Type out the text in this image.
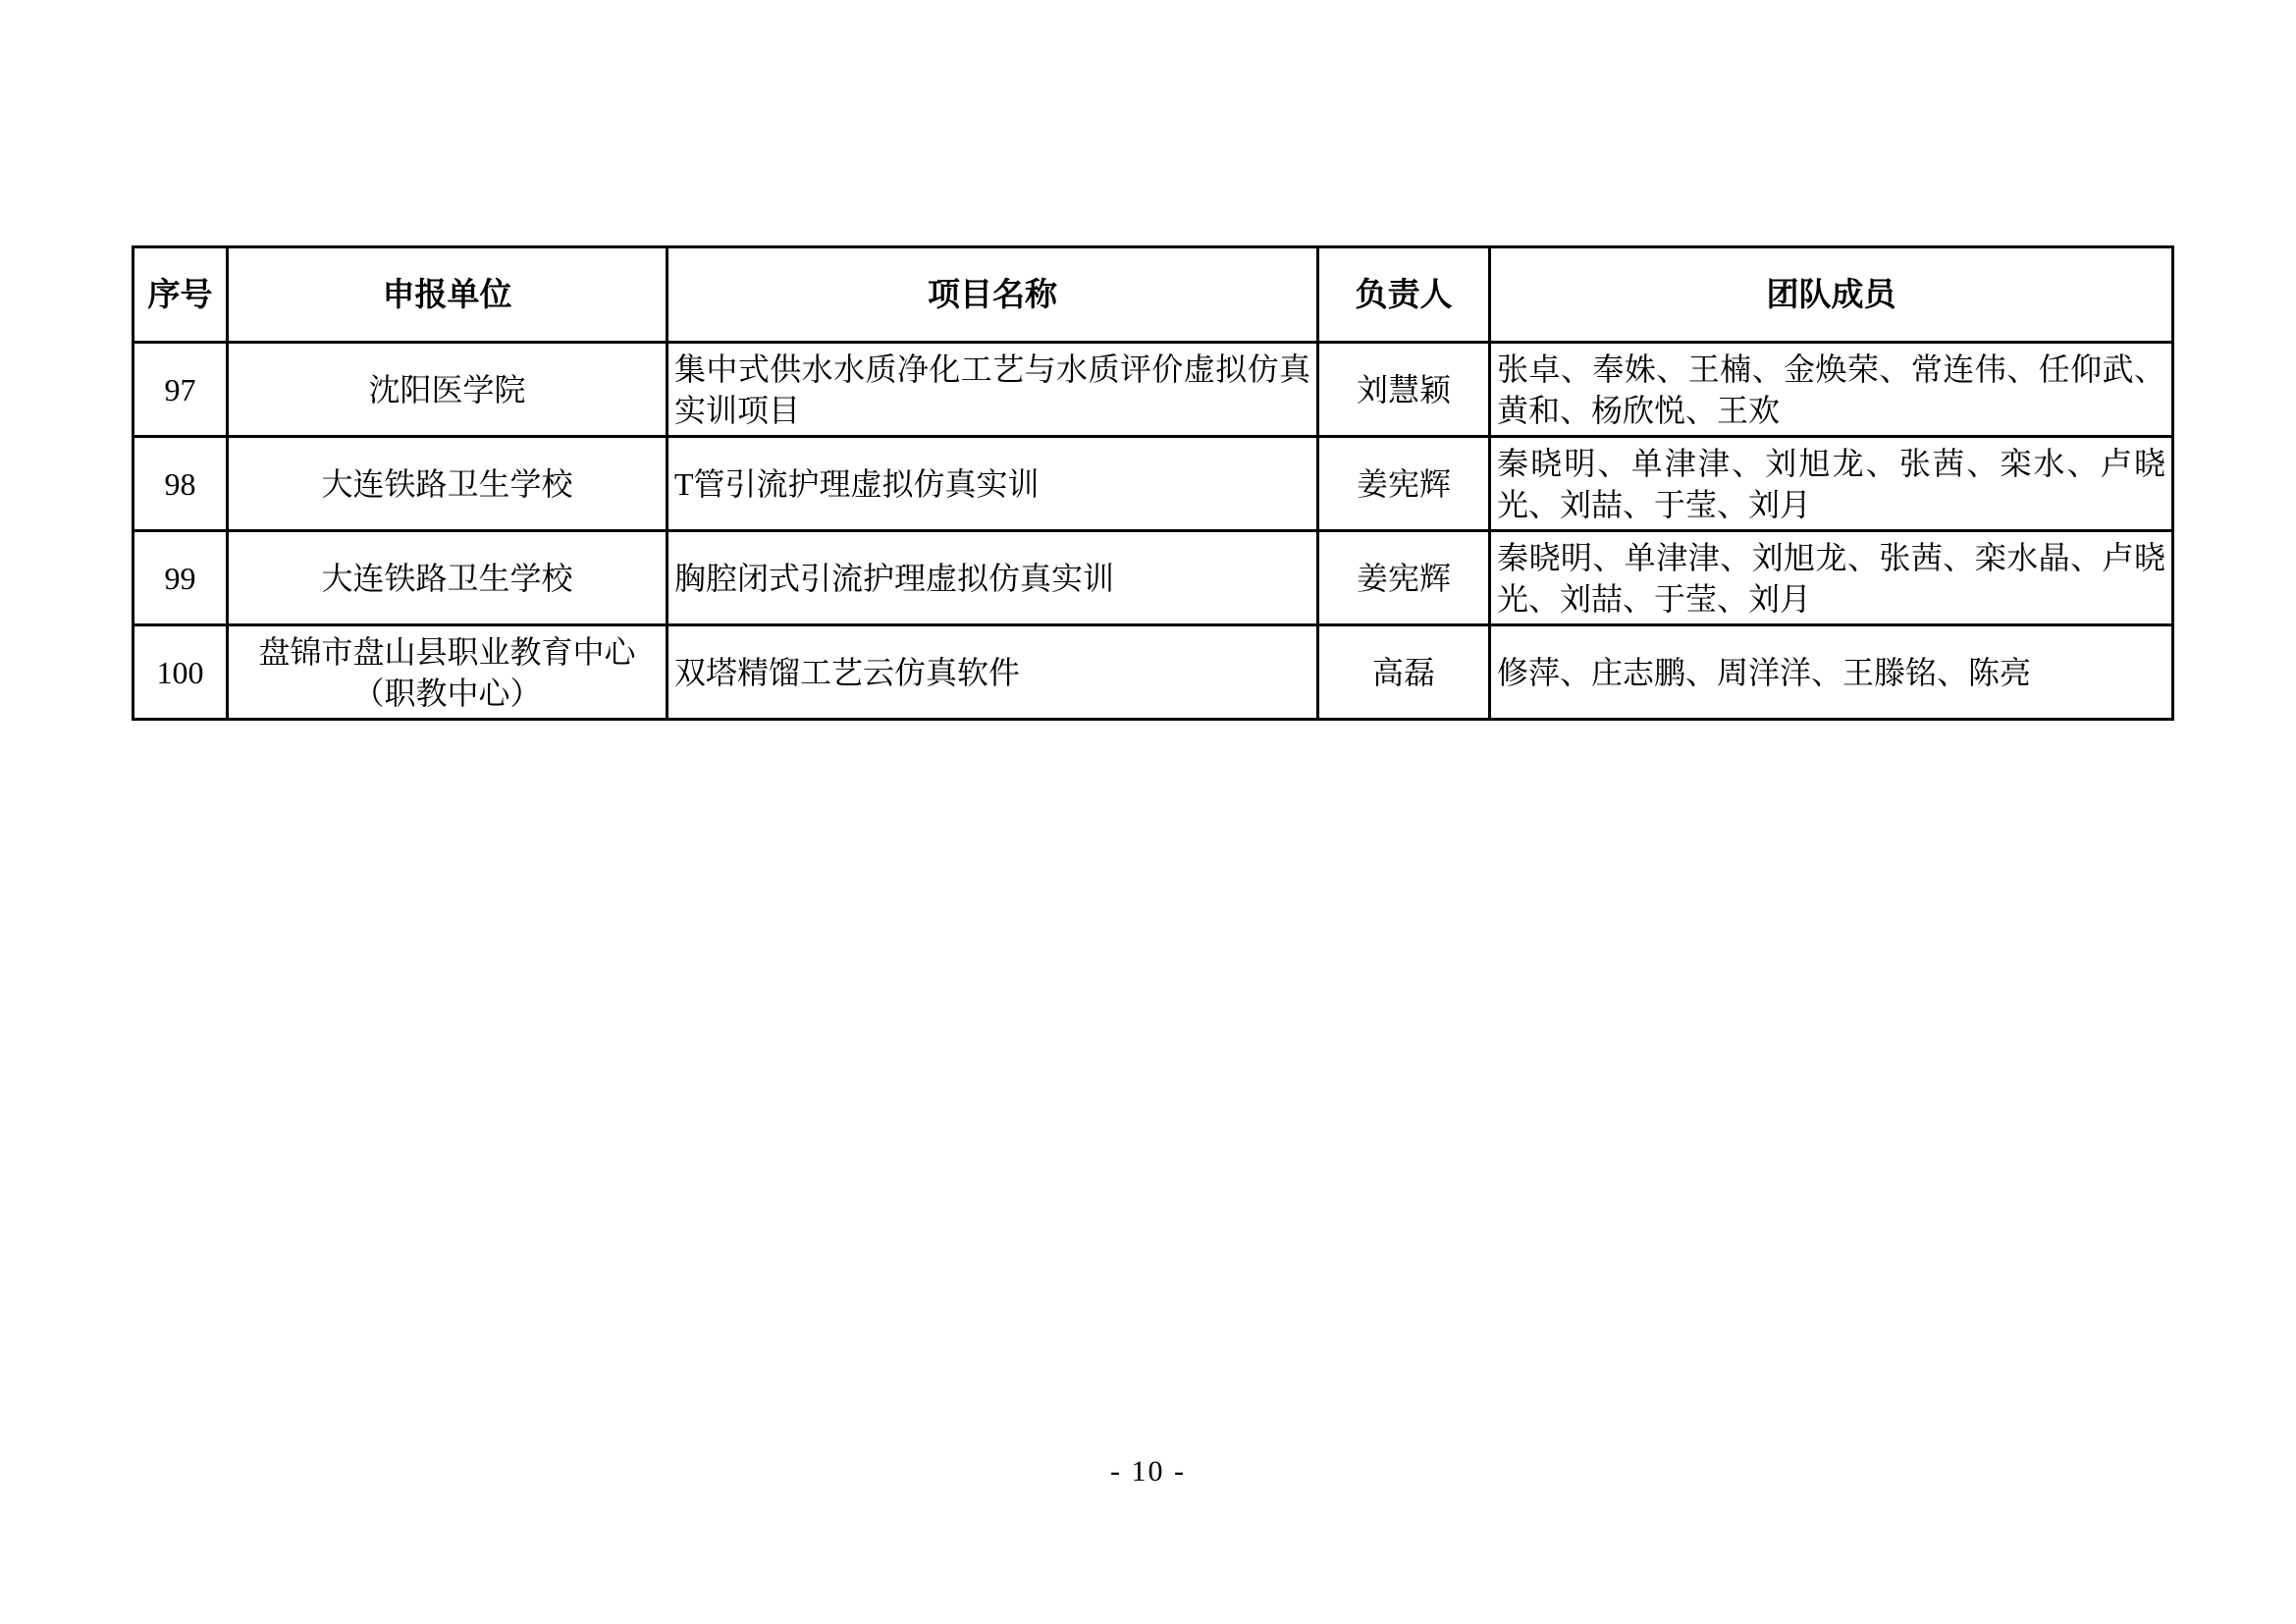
序号	申报单位	项目名称	负责人	团队成员
97	沈阳医学院	集中式供水水质净化工艺与水质评价虚拟仿真实训项目	刘慧颖	张卓、奉姝、王楠、金焕荣、常连伟、任仰武、黄和、杨欣悦、王欢
98	大连铁路卫生学校	T管引流护理虚拟仿真实训	姜宪辉	秦晓明、单津津、刘旭龙、张茜、栾水、卢晓光、刘喆、于莹、刘月
99	大连铁路卫生学校	胸腔闭式引流护理虚拟仿真实训	姜宪辉	秦晓明、单津津、刘旭龙、张茜、栾水晶、卢晓光、刘喆、于莹、刘月
100	盘锦市盘山县职业教育中心（职教中心）	双塔精馏工艺云仿真软件	高磊	修萍、庄志鹏、周洋洋、王滕铭、陈亮
- 10 -
